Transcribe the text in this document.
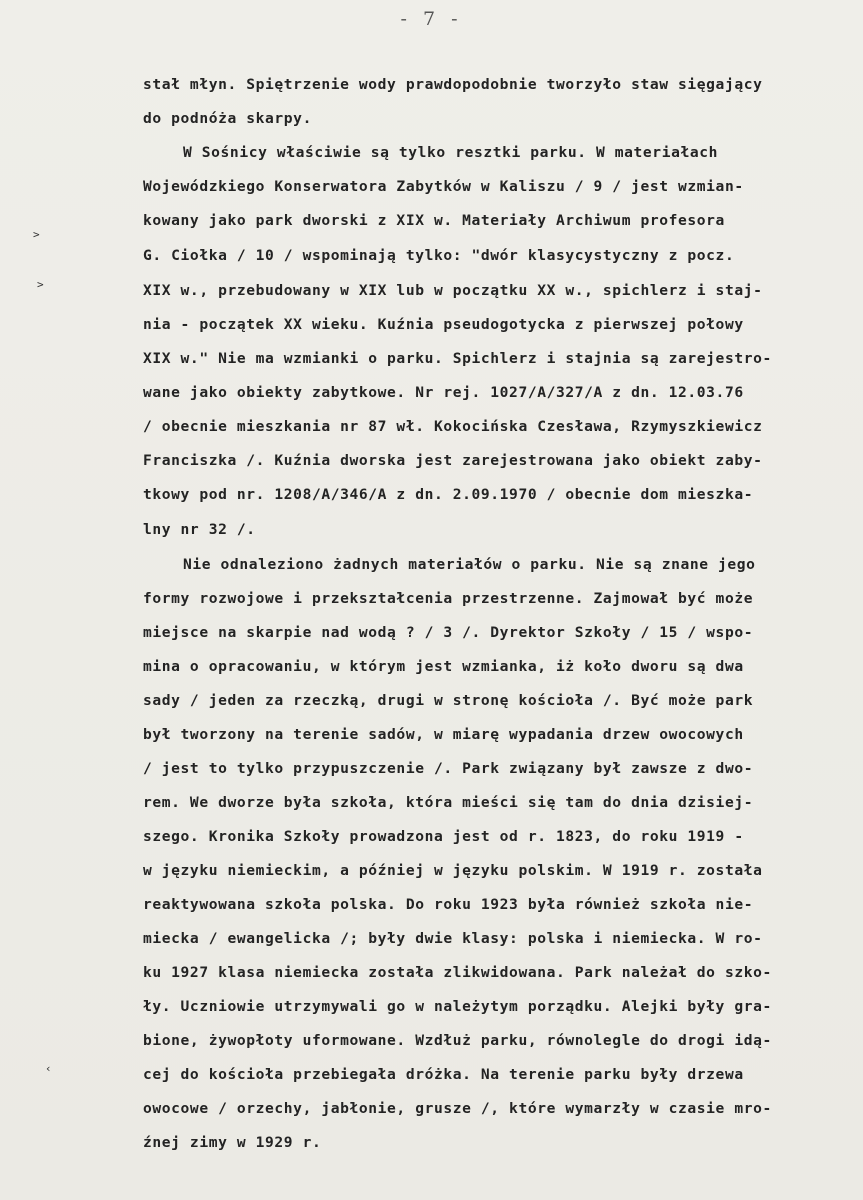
- 7 -
>
>
‹
stał młyn. Spiętrzenie wody prawdopodobnie tworzyło staw sięgający
do podnóża skarpy.
W Sośnicy właściwie są tylko resztki parku. W materiałach
Wojewódzkiego Konserwatora Zabytków w Kaliszu / 9 / jest wzmian-
kowany jako park dworski z XIX w. Materiały Archiwum profesora
G. Ciołka / 10 / wspominają tylko: "dwór klasycystyczny z pocz.
XIX w., przebudowany w XIX lub w początku XX w., spichlerz i staj-
nia - początek XX wieku. Kuźnia pseudogotycka z pierwszej połowy
XIX w." Nie ma wzmianki o parku. Spichlerz i stajnia są zarejestro-
wane jako obiekty zabytkowe. Nr rej. 1027/A/327/A z dn. 12.03.76
/ obecnie mieszkania nr 87 wł. Kokocińska Czesława, Rzymyszkiewicz
Franciszka /. Kuźnia dworska jest zarejestrowana jako obiekt zaby-
tkowy pod nr. 1208/A/346/A z dn. 2.09.1970 / obecnie dom mieszka-
lny nr 32 /.
Nie odnaleziono żadnych materiałów o parku. Nie są znane jego
formy rozwojowe i przekształcenia przestrzenne. Zajmował być może
miejsce na skarpie nad wodą ? / 3 /. Dyrektor Szkoły / 15 / wspo-
mina o opracowaniu, w którym jest wzmianka, iż koło dworu są dwa
sady / jeden za rzeczką, drugi w stronę kościoła /. Być może park
był tworzony na terenie sadów, w miarę wypadania drzew owocowych
/ jest to tylko przypuszczenie /. Park związany był zawsze z dwo-
rem. We dworze była szkoła, która mieści się tam do dnia dzisiej-
szego. Kronika Szkoły prowadzona jest od r. 1823, do roku 1919 -
w języku niemieckim, a później w języku polskim. W 1919 r. została
reaktywowana szkoła polska. Do roku 1923 była również szkoła nie-
miecka / ewangelicka /; były dwie klasy: polska i niemiecka. W ro-
ku 1927 klasa niemiecka została zlikwidowana. Park należał do szko-
ły. Uczniowie utrzymywali go w należytym porządku. Alejki były gra-
bione, żywopłoty uformowane. Wzdłuż parku, równolegle do drogi idą-
cej do kościoła przebiegała dróżka. Na terenie parku były drzewa
owocowe / orzechy, jabłonie, grusze /, które wymarzły w czasie mro-
źnej zimy w 1929 r.
